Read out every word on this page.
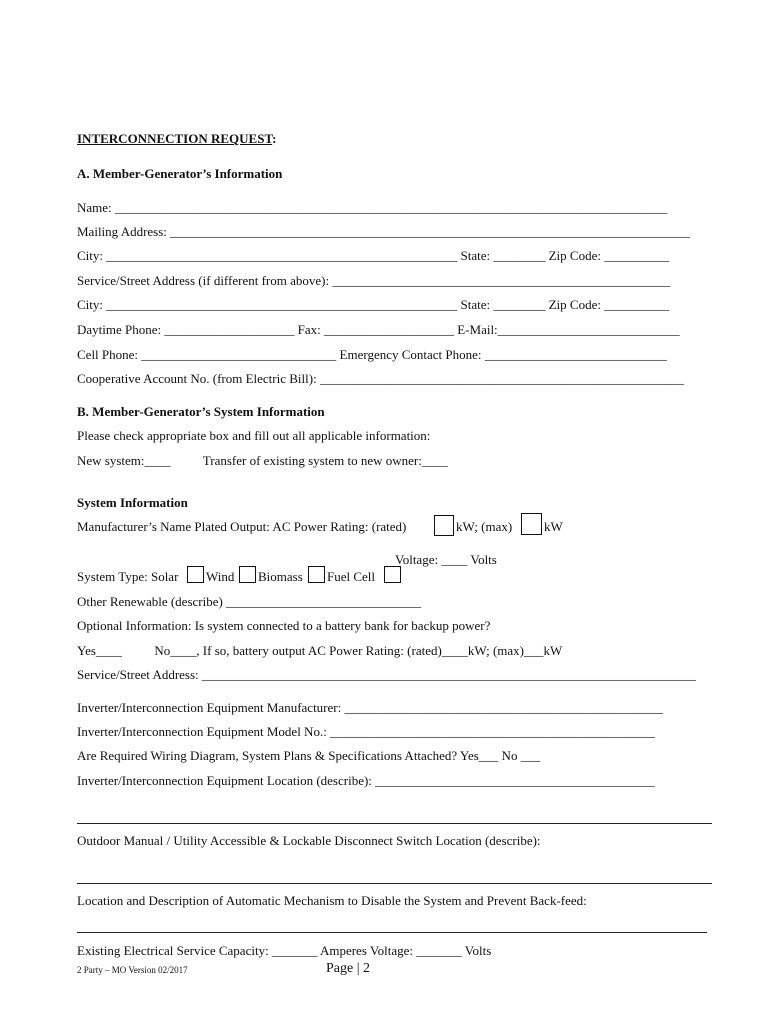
INTERCONNECTION REQUEST:
A. Member-Generator’s Information
Name: _____________________________________________________________________________________
Mailing Address: ________________________________________________________________________________
City: ______________________________________________________ State: ________ Zip Code: __________
Service/Street Address (if different from above): ____________________________________________________
City: ______________________________________________________ State: ________ Zip Code: __________
Daytime Phone: ____________________ Fax: ____________________ E-Mail:____________________________
Cell Phone: ______________________________ Emergency Contact Phone: ____________________________
Cooperative Account No. (from Electric Bill): ________________________________________________________
B. Member-Generator’s System Information
Please check appropriate box and fill out all applicable information:
New system:____          Transfer of existing system to new owner:____
System Information
Manufacturer’s Name Plated Output: AC Power Rating: (rated)	kW; (max) kW
Voltage: ____ Volts
System Type: Solar Wind Biomass Fuel Cell
Other Renewable (describe) ______________________________
Optional Information: Is system connected to a battery bank for backup power?
Yes____          No____, If so, battery output AC Power Rating: (rated)____kW; (max)___kW
Service/Street Address: ____________________________________________________________________________
Inverter/Interconnection Equipment Manufacturer: _________________________________________________
Inverter/Interconnection Equipment Model No.: __________________________________________________
Are Required Wiring Diagram, System Plans & Specifications Attached? Yes___ No ___
Inverter/Interconnection Equipment Location (describe): ___________________________________________
Outdoor Manual / Utility Accessible & Lockable Disconnect Switch Location (describe):
Location and Description of Automatic Mechanism to Disable the System and Prevent Back-feed:
Existing Electrical Service Capacity: _______ Amperes Voltage: _______ Volts
2 Party – MO Version 02/2017	Page | 2
